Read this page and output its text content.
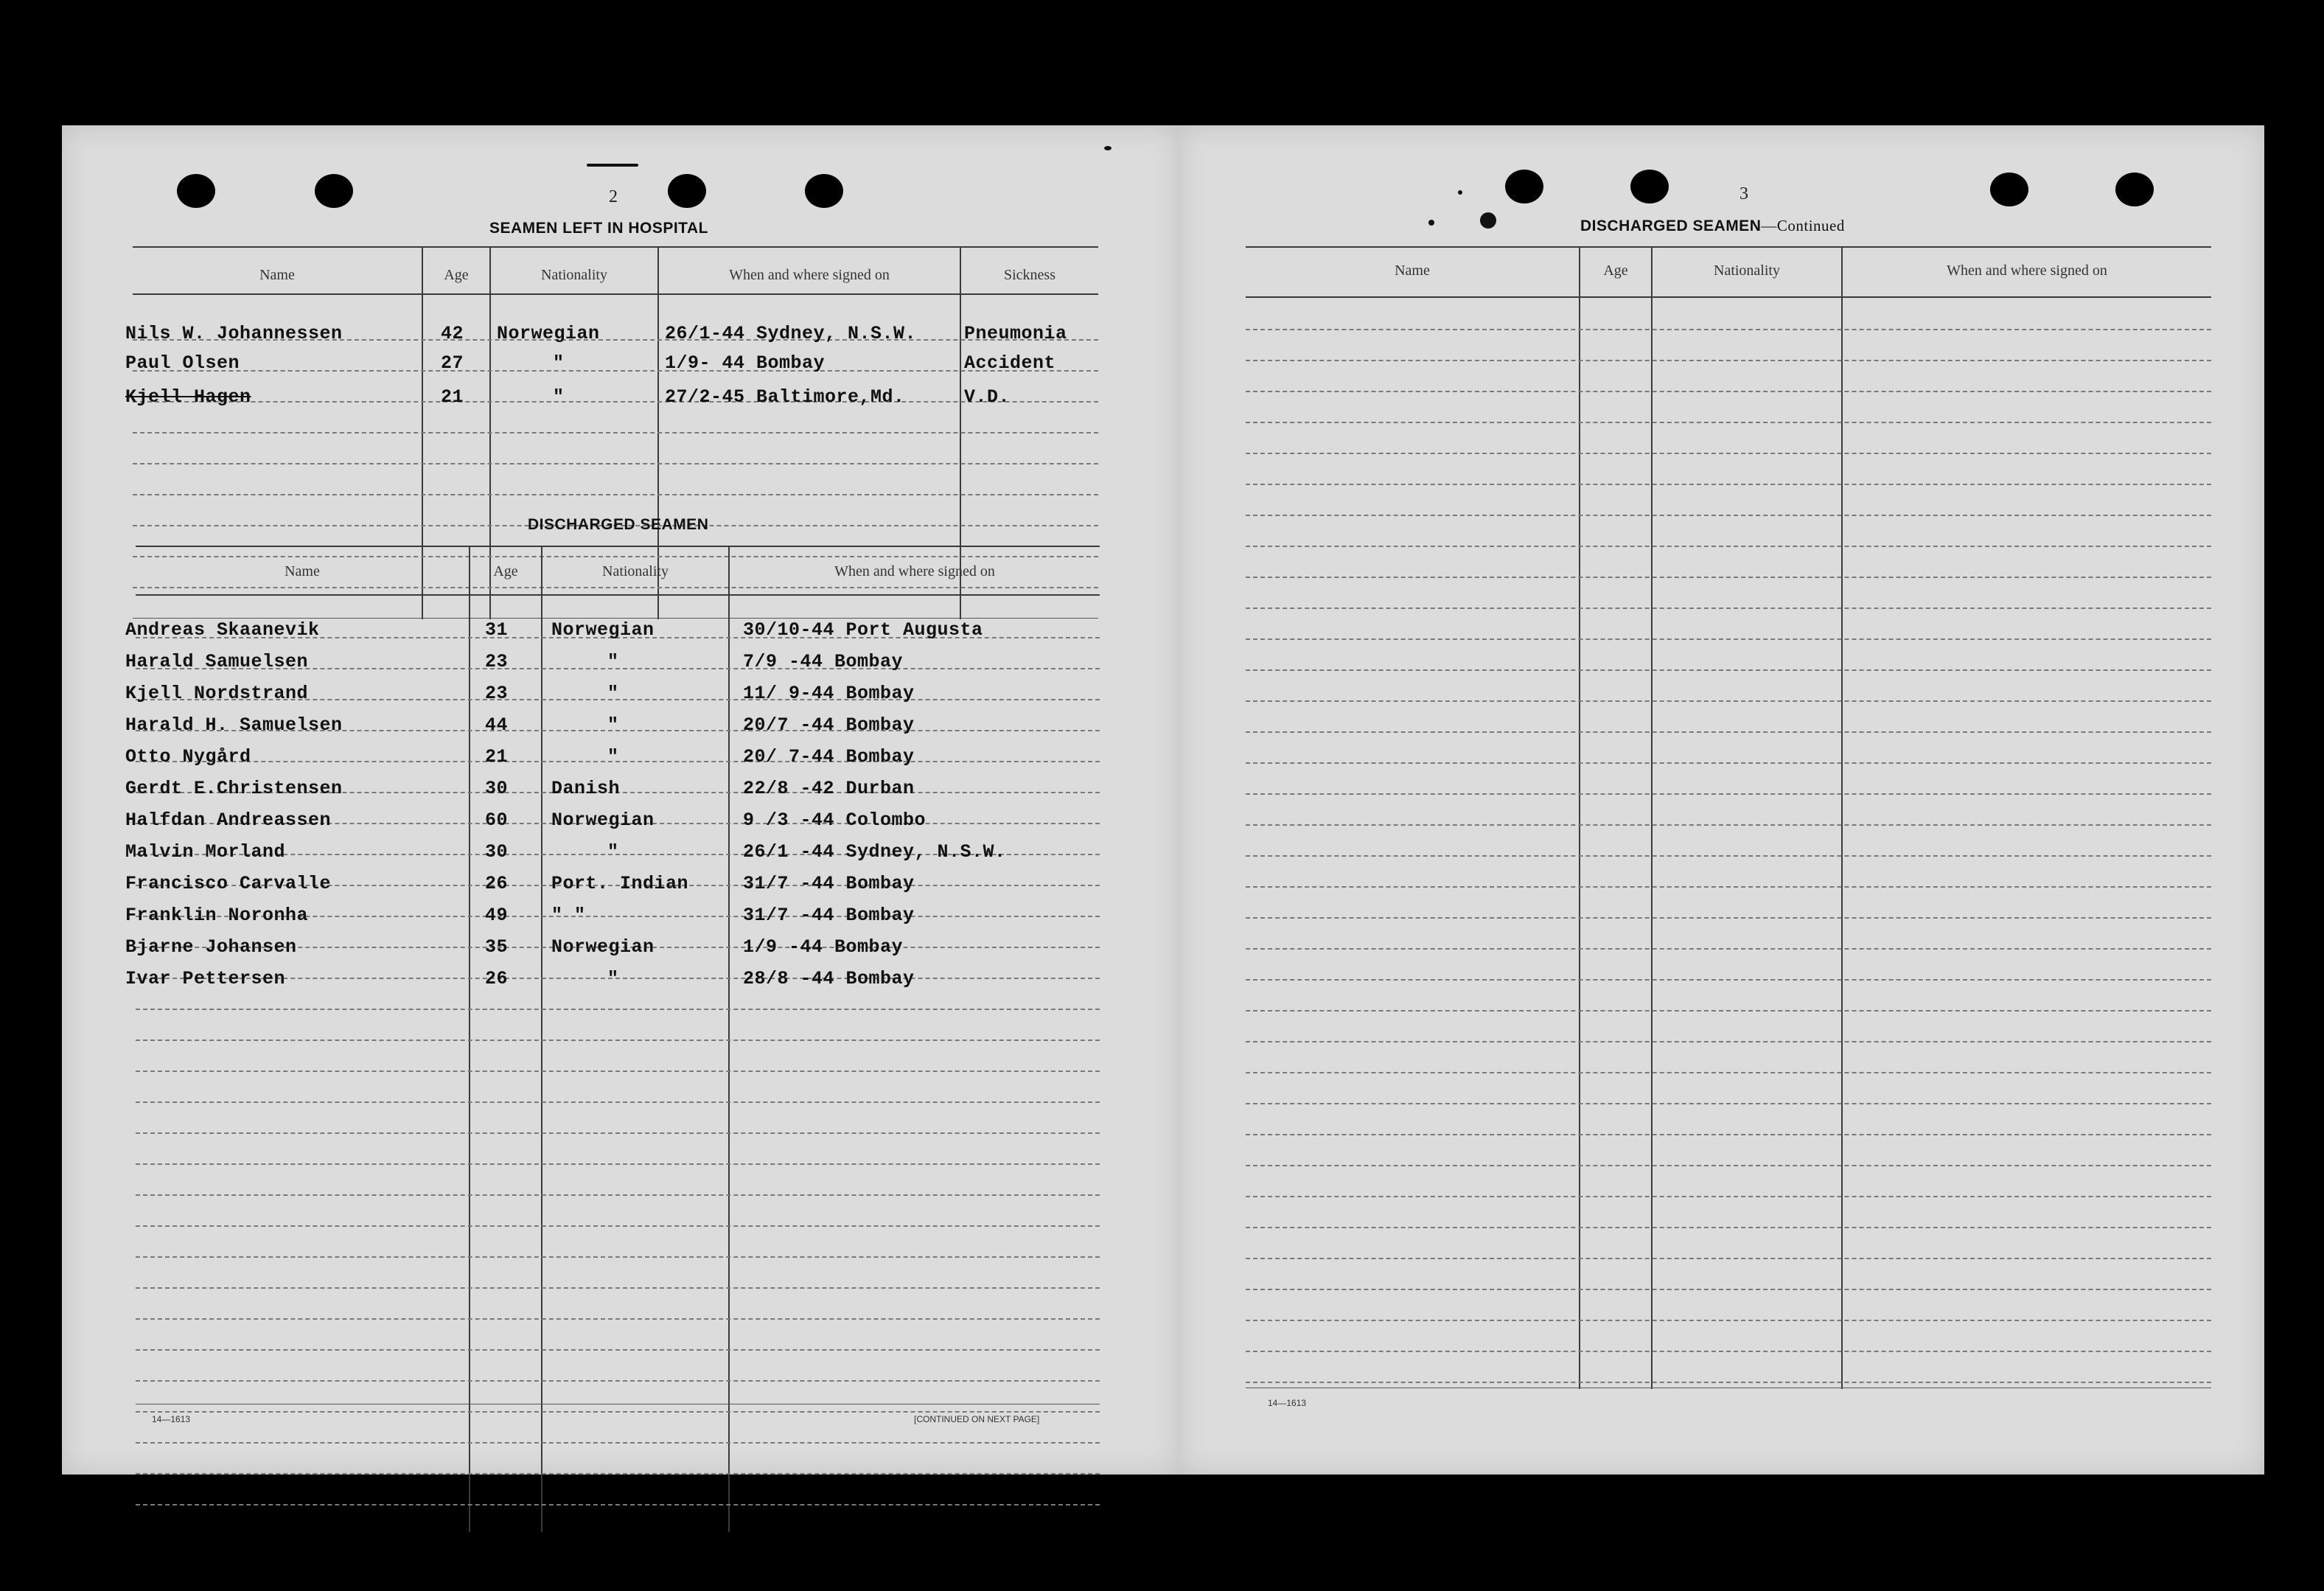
2
SEAMEN LEFT IN HOSPITAL
Name	Age	Nationality	When and where signed on	Sickness
Nils W. Johannessen	42 Norwegian	26/1-44 Sydney, N.S.W.	Pneumonia
Paul Olsen	27	"	1/9- 44 Bombay	Accident
Kjell Hagen	21	"	27/2-45 Baltimore,Md.	V.D.
DISCHARGED SEAMEN
Name	Age	Nationality	When and where signed on
Andreas Skaanevik	31 Norwegian	30/10-44 Port Augusta
Harald Samuelsen	23	"	7/9 -44 Bombay
Kjell Nordstrand	23	"	11/ 9-44 Bombay
Harald H. Samuelsen	44	"	20/7 -44 Bombay
Otto Nygård	21	"	20/ 7-44 Bombay
Gerdt E.Christensen	30 Danish	22/8 -42 Durban
Halfdan Andreassen	60 Norwegian	9 /3 -44 Colombo
Malvin Morland	30	"	26/1 -44 Sydney, N.S.W.
Francisco Carvalle	26 Port. Indian	31/7 -44 Bombay
Franklin Noronha	49 " "	31/7 -44 Bombay
Bjarne Johansen	35 Norwegian	1/9 -44 Bombay
Ivar Pettersen	26	"	28/8 -44 Bombay
14—1613	[CONTINUED ON NEXT PAGE]
3
DISCHARGED SEAMEN—Continued
Name	Age	Nationality	When and where signed on
14—1613
